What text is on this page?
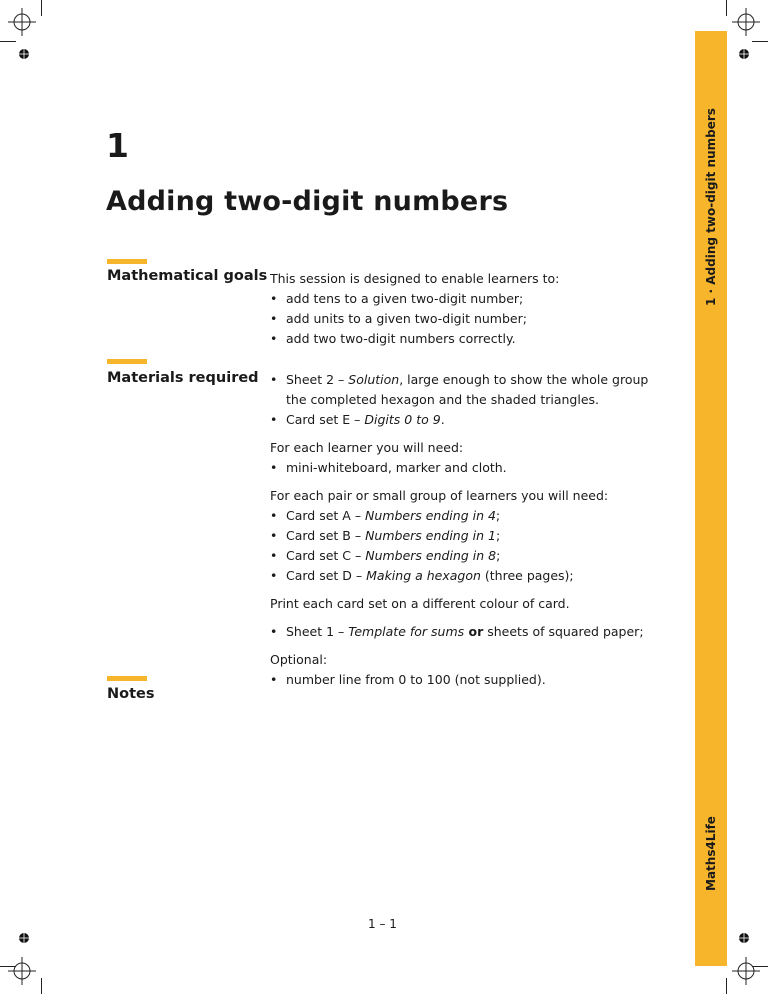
1 · Adding two-digit numbers
Maths4Life
1
Adding two-digit numbers
Mathematical goals This session is designed to enable learners to:
• add tens to a given two-digit number;
• add units to a given two-digit number;
• add two two-digit numbers correctly.
Materials required
•	Sheet 2 – Solution, large enough to show the whole group
the completed hexagon and the shaded triangles.
• Card set E – Digits 0 to 9.
For each learner you will need:
• mini-whiteboard, marker and cloth.
For each pair or small group of learners you will need:
• Card set A – Numbers ending in 4;
• Card set B – Numbers ending in 1;
• Card set C – Numbers ending in 8;
• Card set D – Making a hexagon (three pages);
Print each card set on a different colour of card.
• Sheet 1 – Template for sums or sheets of squared paper;
Optional:
• number line from 0 to 100 (not supplied).
Notes
1 – 1
